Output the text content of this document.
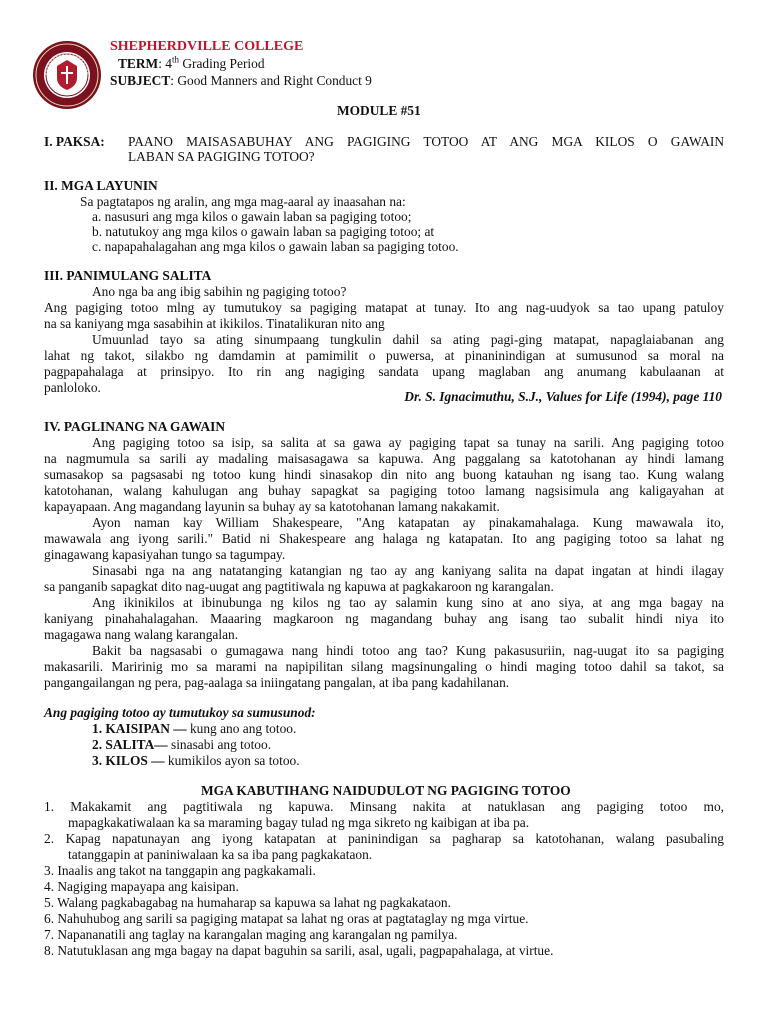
SHEPHERDVILLE COLLEGE
TERM: 4th Grading Period
SUBJECT: Good Manners and Right Conduct 9
MODULE #51
I. PAKSA: PAANO MAISASABUHAY ANG PAGIGING TOTOO AT ANG MGA KILOS O GAWAIN
LABAN SA PAGIGING TOTOO?
II. MGA LAYUNIN
Sa pagtatapos ng aralin, ang mga mag-aaral ay inaasahan na:
a. nasusuri ang mga kilos o gawain laban sa pagiging totoo;
b. natutukoy ang mga kilos o gawain laban sa pagiging totoo; at
c. napapahalagahan ang mga kilos o gawain laban sa pagiging totoo.
III. PANIMULANG SALITA
Ano nga ba ang ibig sabihin ng pagiging totoo?
Ang pagiging totoo mlng ay tumutukoy sa pagiging matapat at tunay. Ito ang nag-uudyok sa tao upang patuloy
na sa kaniyang mga sasabihin at ikikilos. Tinatalikuran nito ang
Umuunlad tayo sa ating sinumpaang tungkulin dahil sa ating pagi-ging matapat, napaglaiabanan ang
lahat ng takot, silakbo ng damdamin at pamimilit o puwersa, at pinaninindigan at sumusunod sa moral na
pagpapahalaga at prinsipyo. Ito rin ang nagiging sandata upang maglaban ang anumang kabulaanan at
panloloko.
Dr. S. Ignacimuthu, S.J., Values for Life (1994), page 110
IV. PAGLINANG NA GAWAIN
Ang pagiging totoo sa isip, sa salita at sa gawa ay pagiging tapat sa tunay na sarili. Ang pagiging totoo
na nagmumula sa sarili ay madaling maisasagawa sa kapuwa. Ang paggalang sa katotohanan ay hindi lamang
sumasakop sa pagsasabi ng totoo kung hindi sinasakop din nito ang buong katauhan ng isang tao. Kung walang
katotohanan, walang kahulugan ang buhay sapagkat sa pagiging totoo lamang nagsisimula ang kaligayahan at
kapayapaan. Ang magandang layunin sa buhay ay sa katotohanan lamang nakakamit.
Ayon naman kay William Shakespeare, "Ang katapatan ay pinakamahalaga. Kung mawawala ito,
mawawala ang iyong sarili." Batid ni Shakespeare ang halaga ng katapatan. Ito ang pagiging totoo sa lahat ng
ginagawang kapasiyahan tungo sa tagumpay.
Sinasabi nga na ang natatanging katangian ng tao ay ang kaniyang salita na dapat ingatan at hindi ilagay
sa panganib sapagkat dito nag-uugat ang pagtitiwala ng kapuwa at pagkakaroon ng karangalan.
Ang ikinikilos at ibinubunga ng kilos ng tao ay salamin kung sino at ano siya, at ang mga bagay na
kaniyang pinahahalagahan. Maaaring magkaroon ng magandang buhay ang isang tao subalit hindi niya ito
magagawa nang walang karangalan.
Bakit ba nagsasabi o gumagawa nang hindi totoo ang tao? Kung pakasusuriin, nag-uugat ito sa pagiging
makasarili. Maririnig mo sa marami na napipilitan silang magsinungaling o hindi maging totoo dahil sa takot, sa
pangangailangan ng pera, pag-aalaga sa iniingatang pangalan, at iba pang kadahilanan.
Ang pagiging totoo ay tumutukoy sa sumusunod:
1. KAISIPAN — kung ano ang totoo.
2. SALITA— sinasabi ang totoo.
3. KILOS — kumikilos ayon sa totoo.
MGA KABUTIHANG NAIDUDULOT NG PAGIGING TOTOO
1. Makakamit ang pagtitiwala ng kapuwa. Minsang nakita at natuklasan ang pagiging totoo mo,
mapagkakatiwalaan ka sa maraming bagay tulad ng mga sikreto ng kaibigan at iba pa.
2. Kapag napatunayan ang iyong katapatan at paninindigan sa pagharap sa katotohanan, walang pasubaling
tatanggapin at paniniwalaan ka sa iba pang pagkakataon.
3. Inaalis ang takot na tanggapin ang pagkakamali.
4. Nagiging mapayapa ang kaisipan.
5. Walang pagkabagabag na humaharap sa kapuwa sa lahat ng pagkakataon.
6. Nahuhubog ang sarili sa pagiging matapat sa lahat ng oras at pagtataglay ng mga virtue.
7. Napananatili ang taglay na karangalan maging ang karangalan ng pamilya.
8. Natutuklasan ang mga bagay na dapat baguhin sa sarili, asal, ugali, pagpapahalaga, at virtue.
